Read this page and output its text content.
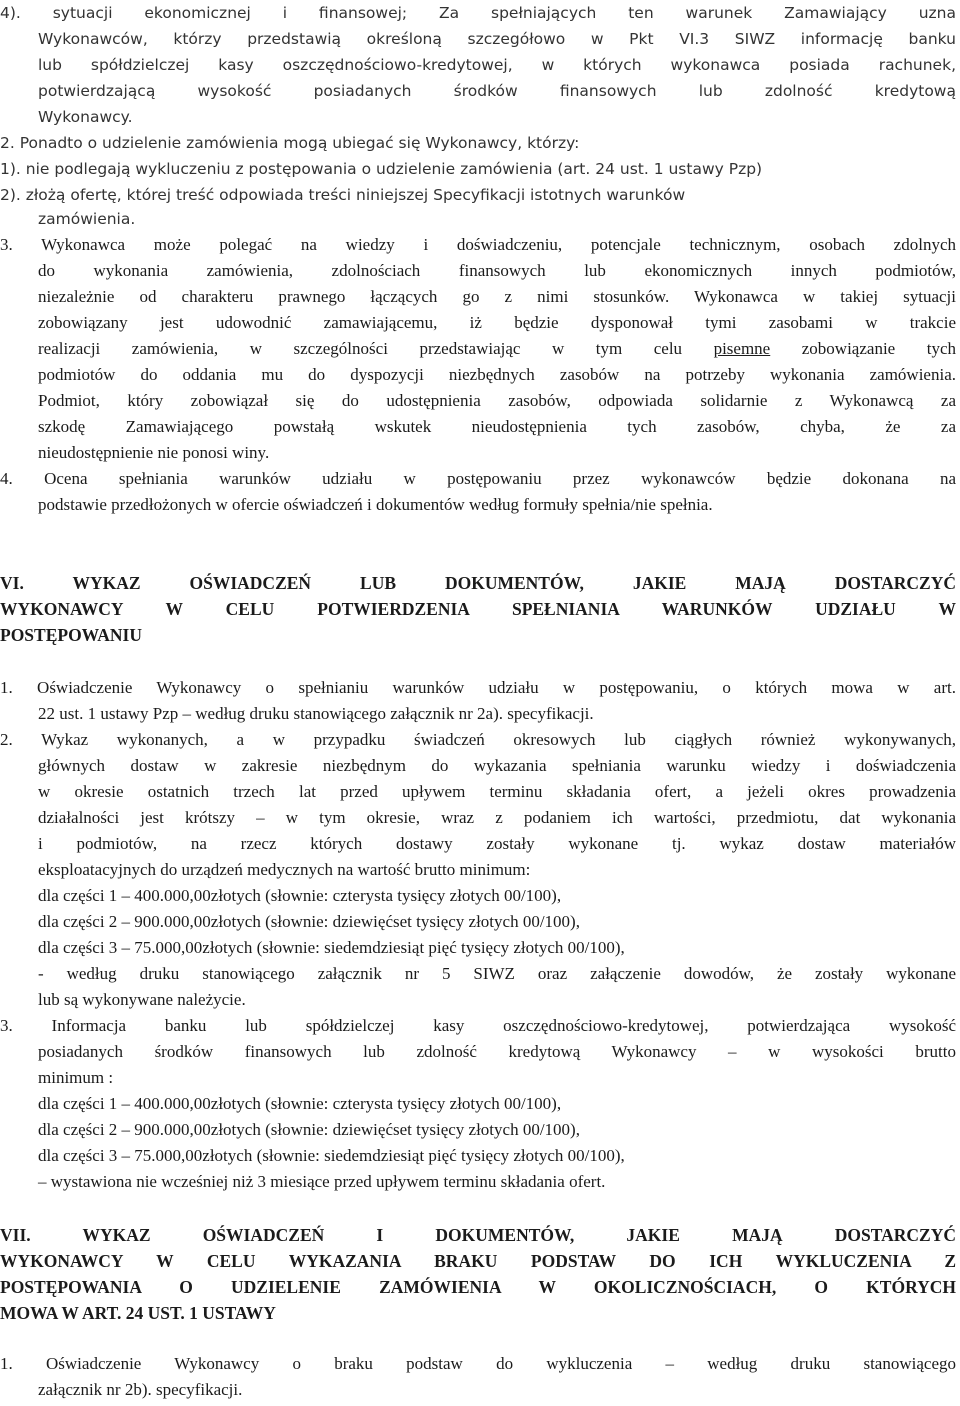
4). sytuacji ekonomicznej i finansowej; Za spełniających ten warunek Zamawiający uzna
Wykonawców, którzy przedstawią określoną szczegółowo w Pkt VI.3 SIWZ informację banku
lub spółdzielczej kasy oszczędnościowo-kredytowej, w których wykonawca posiada rachunek,
potwierdzającą wysokość posiadanych środków finansowych lub zdolność kredytową
Wykonawcy.
2. Ponadto o udzielenie zamówienia mogą ubiegać się Wykonawcy, którzy:
1). nie podlegają wykluczeniu z postępowania o udzielenie zamówienia (art. 24 ust. 1 ustawy Pzp)
2). złożą ofertę, której treść odpowiada treści niniejszej Specyfikacji istotnych warunków
zamówienia.
3. Wykonawca może polegać na wiedzy i doświadczeniu, potencjale technicznym, osobach zdolnych
do wykonania zamówienia, zdolnościach finansowych lub ekonomicznych innych podmiotów,
niezależnie od charakteru prawnego łączących go z nimi stosunków. Wykonawca w takiej sytuacji
zobowiązany jest udowodnić zamawiającemu, iż będzie dysponował tymi zasobami w trakcie
realizacji zamówienia, w szczególności przedstawiając w tym celu pisemne zobowiązanie tych
podmiotów do oddania mu do dyspozycji niezbędnych zasobów na potrzeby wykonania zamówienia.
Podmiot, który zobowiązał się do udostępnienia zasobów, odpowiada solidarnie z Wykonawcą za
szkodę Zamawiającego powstałą wskutek nieudostępnienia tych zasobów, chyba, że za
nieudostępnienie nie ponosi winy.
4. Ocena spełniania warunków udziału w postępowaniu przez wykonawców będzie dokonana na
podstawie przedłożonych w ofercie oświadczeń i dokumentów według formuły spełnia/nie spełnia.
VI. WYKAZ OŚWIADCZEŃ LUB DOKUMENTÓW, JAKIE MAJĄ DOSTARCZYĆ
WYKONAWCY W CELU POTWIERDZENIA SPEŁNIANIA WARUNKÓW UDZIAŁU W
POSTĘPOWANIU
1. Oświadczenie Wykonawcy o spełnianiu warunków udziału w postępowaniu, o których mowa w art.
22 ust. 1 ustawy Pzp – według druku stanowiącego załącznik nr 2a). specyfikacji.
2. Wykaz wykonanych, a w przypadku świadczeń okresowych lub ciągłych również wykonywanych,
głównych dostaw w zakresie niezbędnym do wykazania spełniania warunku wiedzy i doświadczenia
w okresie ostatnich trzech lat przed upływem terminu składania ofert, a jeżeli okres prowadzenia
działalności jest krótszy – w tym okresie, wraz z podaniem ich wartości, przedmiotu, dat wykonania
i podmiotów, na rzecz których dostawy zostały wykonane tj. wykaz dostaw materiałów
eksploatacyjnych do urządzeń medycznych na wartość brutto minimum:
dla części 1 – 400.000,00złotych (słownie: czterysta tysięcy złotych 00/100),
dla części 2 – 900.000,00złotych (słownie: dziewięćset tysięcy złotych 00/100),
dla części 3 – 75.000,00złotych (słownie: siedemdziesiąt pięć tysięcy złotych 00/100),
- według druku stanowiącego załącznik nr 5 SIWZ oraz załączenie dowodów, że zostały wykonane
lub są wykonywane należycie.
3. Informacja banku lub spółdzielczej kasy oszczędnościowo-kredytowej, potwierdzająca wysokość
posiadanych środków finansowych lub zdolność kredytową Wykonawcy – w wysokości brutto
minimum :
dla części 1 – 400.000,00złotych (słownie: czterysta tysięcy złotych 00/100),
dla części 2 – 900.000,00złotych (słownie: dziewięćset tysięcy złotych 00/100),
dla części 3 – 75.000,00złotych (słownie: siedemdziesiąt pięć tysięcy złotych 00/100),
– wystawiona nie wcześniej niż 3 miesiące przed upływem terminu składania ofert.
VII. WYKAZ OŚWIADCZEŃ I DOKUMENTÓW, JAKIE MAJĄ DOSTARCZYĆ
WYKONAWCY W CELU WYKAZANIA BRAKU PODSTAW DO ICH WYKLUCZENIA Z
POSTĘPOWANIA O UDZIELENIE ZAMÓWIENIA W OKOLICZNOŚCIACH, O KTÓRYCH
MOWA W ART. 24 UST. 1 USTAWY
1. Oświadczenie Wykonawcy o braku podstaw do wykluczenia – według druku stanowiącego
załącznik nr 2b). specyfikacji.
